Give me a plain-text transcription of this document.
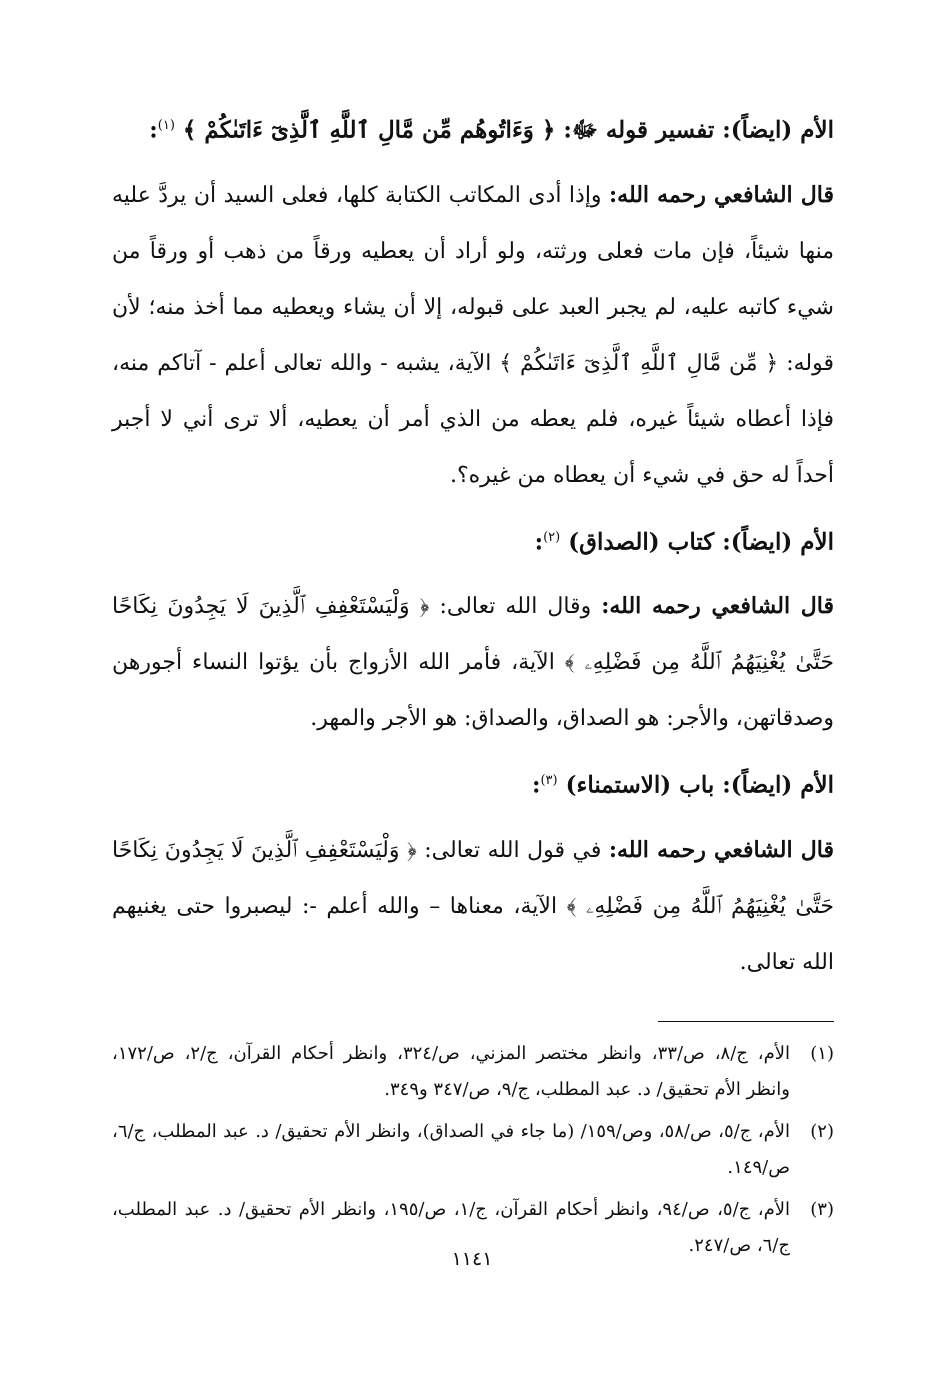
الأم (ايضاً): تفسير قوله ﷻ: ﴿ وَءَاتُوهُم مِّن مَّالِ ٱللَّهِ ٱلَّذِىٓ ءَاتَىٰكُمْ ﴾ $^{(١)}$:

قال الشافعي رحمه الله: وإذا أدى المكاتب الكتابة كلها، فعلى السيد أن يردَّ عليه منها شيئاً، فإن مات فعلى ورثته، ولو أراد أن يعطيه ورقاً من ذهب أو ورقاً من شيء كاتبه عليه، لم يجبر العبد على قبوله، إلا أن يشاء ويعطيه مما أخذ منه؛ لأن قوله: ﴿ مِّن مَّالِ ٱللَّهِ ٱلَّذِىٓ ءَاتَىٰكُمْ ﴾ الآية، يشبه - والله تعالى أعلم - آتاكم منه، فإذا أعطاه شيئاً غيره، فلم يعطه من الذي أمر أن يعطيه، ألا ترى أني لا أجبر أحداً له حق في شيء أن يعطاه من غيره؟.

الأم (ايضاً): كتاب (الصداق) $^{(٢)}$:

قال الشافعي رحمه الله: وقال الله تعالى: ﴿ وَلْيَسْتَعْفِفِ ٱلَّذِينَ لَا يَجِدُونَ نِكَاحًا حَتَّىٰ يُغْنِيَهُمُ ٱللَّهُ مِن فَضْلِهِۦ ﴾ الآية، فأمر الله الأزواج بأن يؤتوا النساء أجورهن وصدقاتهن، والأجر: هو الصداق، والصداق: هو الأجر والمهر.

الأم (ايضاً): باب (الاستمناء) $^{(٣)}$:

قال الشافعي رحمه الله: في قول الله تعالى: ﴿ وَلْيَسْتَعْفِفِ ٱلَّذِينَ لَا يَجِدُونَ نِكَاحًا حَتَّىٰ يُغْنِيَهُمُ ٱللَّهُ مِن فَضْلِهِۦ ﴾ الآية، معناها – والله أعلم -: ليصبروا حتى يغنيهم الله تعالى.

(١)
الأم، ج/٨، ص/٣٣، وانظر مختصر المزني، ص/٣٢٤، وانظر أحكام القرآن، ج/٢، ص/١٧٢، وانظر الأم تحقيق/ د. عبد المطلب، ج/٩، ص/٣٤٧ و٣٤٩.
(٢)
الأم، ج/٥، ص/٥٨، وص/١٥٩/ (ما جاء في الصداق)، وانظر الأم تحقيق/ د. عبد المطلب، ج/٦، ص/١٤٩.
(٣)
الأم، ج/٥، ص/٩٤، وانظر أحكام القرآن، ج/١، ص/١٩٥، وانظر الأم تحقيق/ د. عبد المطلب، ج/٦، ص/٢٤٧.
١١٤١
